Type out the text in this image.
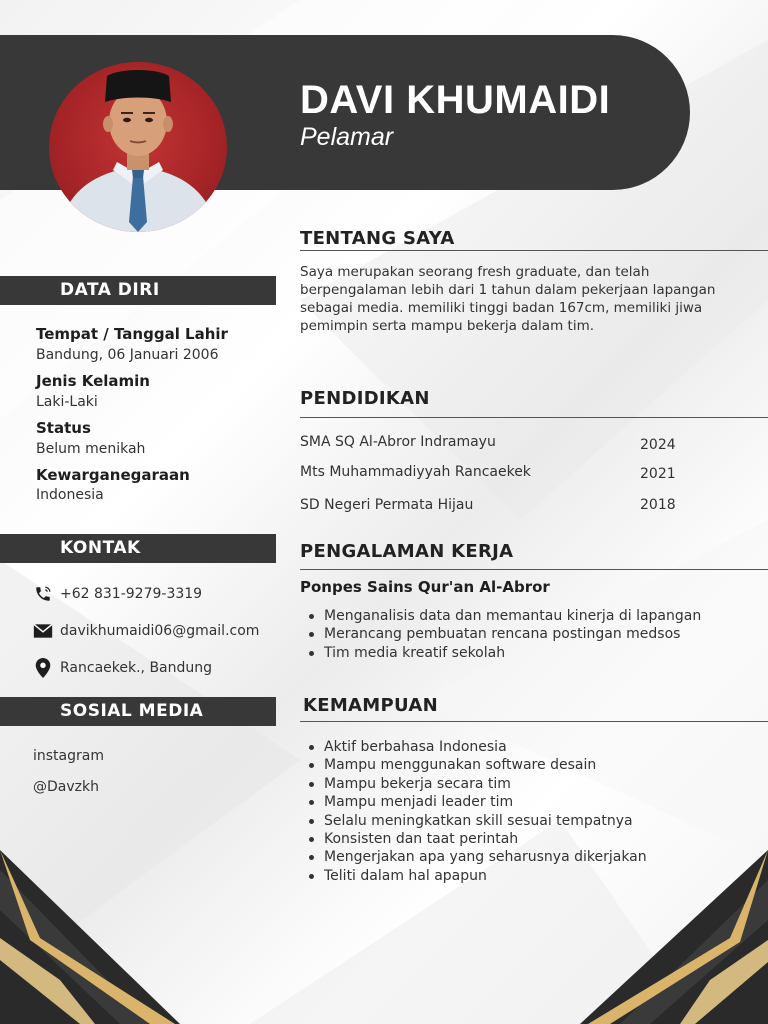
DAVI KHUMAIDI
Pelamar
DATA DIRI
Tempat / Tanggal Lahir
Bandung, 06 Januari 2006
Jenis Kelamin
Laki-Laki
Status
Belum menikah
Kewarganegaraan
Indonesia
KONTAK
+62 831-9279-3319
davikhumaidi06@gmail.com
Rancaekek., Bandung
SOSIAL MEDIA
instagram
@Davzkh
TENTANG SAYA
Saya merupakan seorang fresh graduate, dan telah berpengalaman lebih dari 1 tahun dalam pekerjaan lapangan sebagai media. memiliki tinggi badan 167cm, memiliki jiwa pemimpin serta mampu bekerja dalam tim.
PENDIDIKAN
SMA SQ Al-Abror Indramayu	2024
Mts Muhammadiyyah Rancaekek	2021
SD Negeri Permata Hijau	2018
PENGALAMAN KERJA
Ponpes Sains Qur'an Al-Abror
Menganalisis data dan memantau kinerja di lapangan
Merancang pembuatan rencana postingan medsos
Tim media kreatif sekolah
KEMAMPUAN
Aktif berbahasa Indonesia
Mampu menggunakan software desain
Mampu bekerja secara tim
Mampu menjadi leader tim
Selalu meningkatkan skill sesuai tempatnya
Konsisten dan taat perintah
Mengerjakan apa yang seharusnya dikerjakan
Teliti dalam hal apapun
